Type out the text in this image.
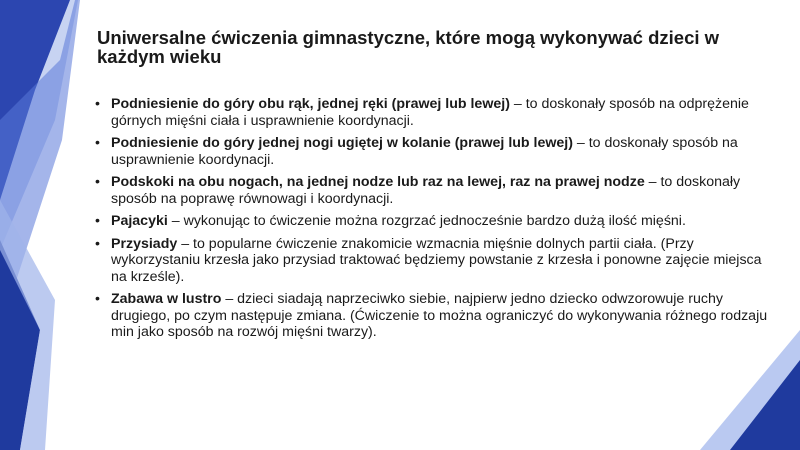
Uniwersalne ćwiczenia gimnastyczne, które mogą wykonywać dzieci w każdym wieku
• Podniesienie do góry obu rąk, jednej ręki (prawej lub lewej) – to doskonały sposób na odprężenie górnych mięśni ciała i usprawnienie koordynacji.
• Podniesienie do góry jednej nogi ugiętej w kolanie (prawej lub lewej) – to doskonały sposób na usprawnienie koordynacji.
• Podskoki na obu nogach, na jednej nodze lub raz na lewej, raz na prawej nodze – to doskonały sposób na poprawę równowagi i koordynacji.
• Pajacyki – wykonując to ćwiczenie można rozgrzać jednocześnie bardzo dużą ilość mięśni.
• Przysiady – to popularne ćwiczenie znakomicie wzmacnia mięśnie dolnych partii ciała. (Przy wykorzystaniu krzesła jako przysiad traktować będziemy powstanie z krzesła i ponowne zajęcie miejsca na krześle).
• Zabawa w lustro – dzieci siadają naprzeciwko siebie, najpierw jedno dziecko odwzorowuje ruchy drugiego, po czym następuje zmiana. (Ćwiczenie to można ograniczyć do wykonywania różnego rodzaju min jako sposób na rozwój mięśni twarzy).
